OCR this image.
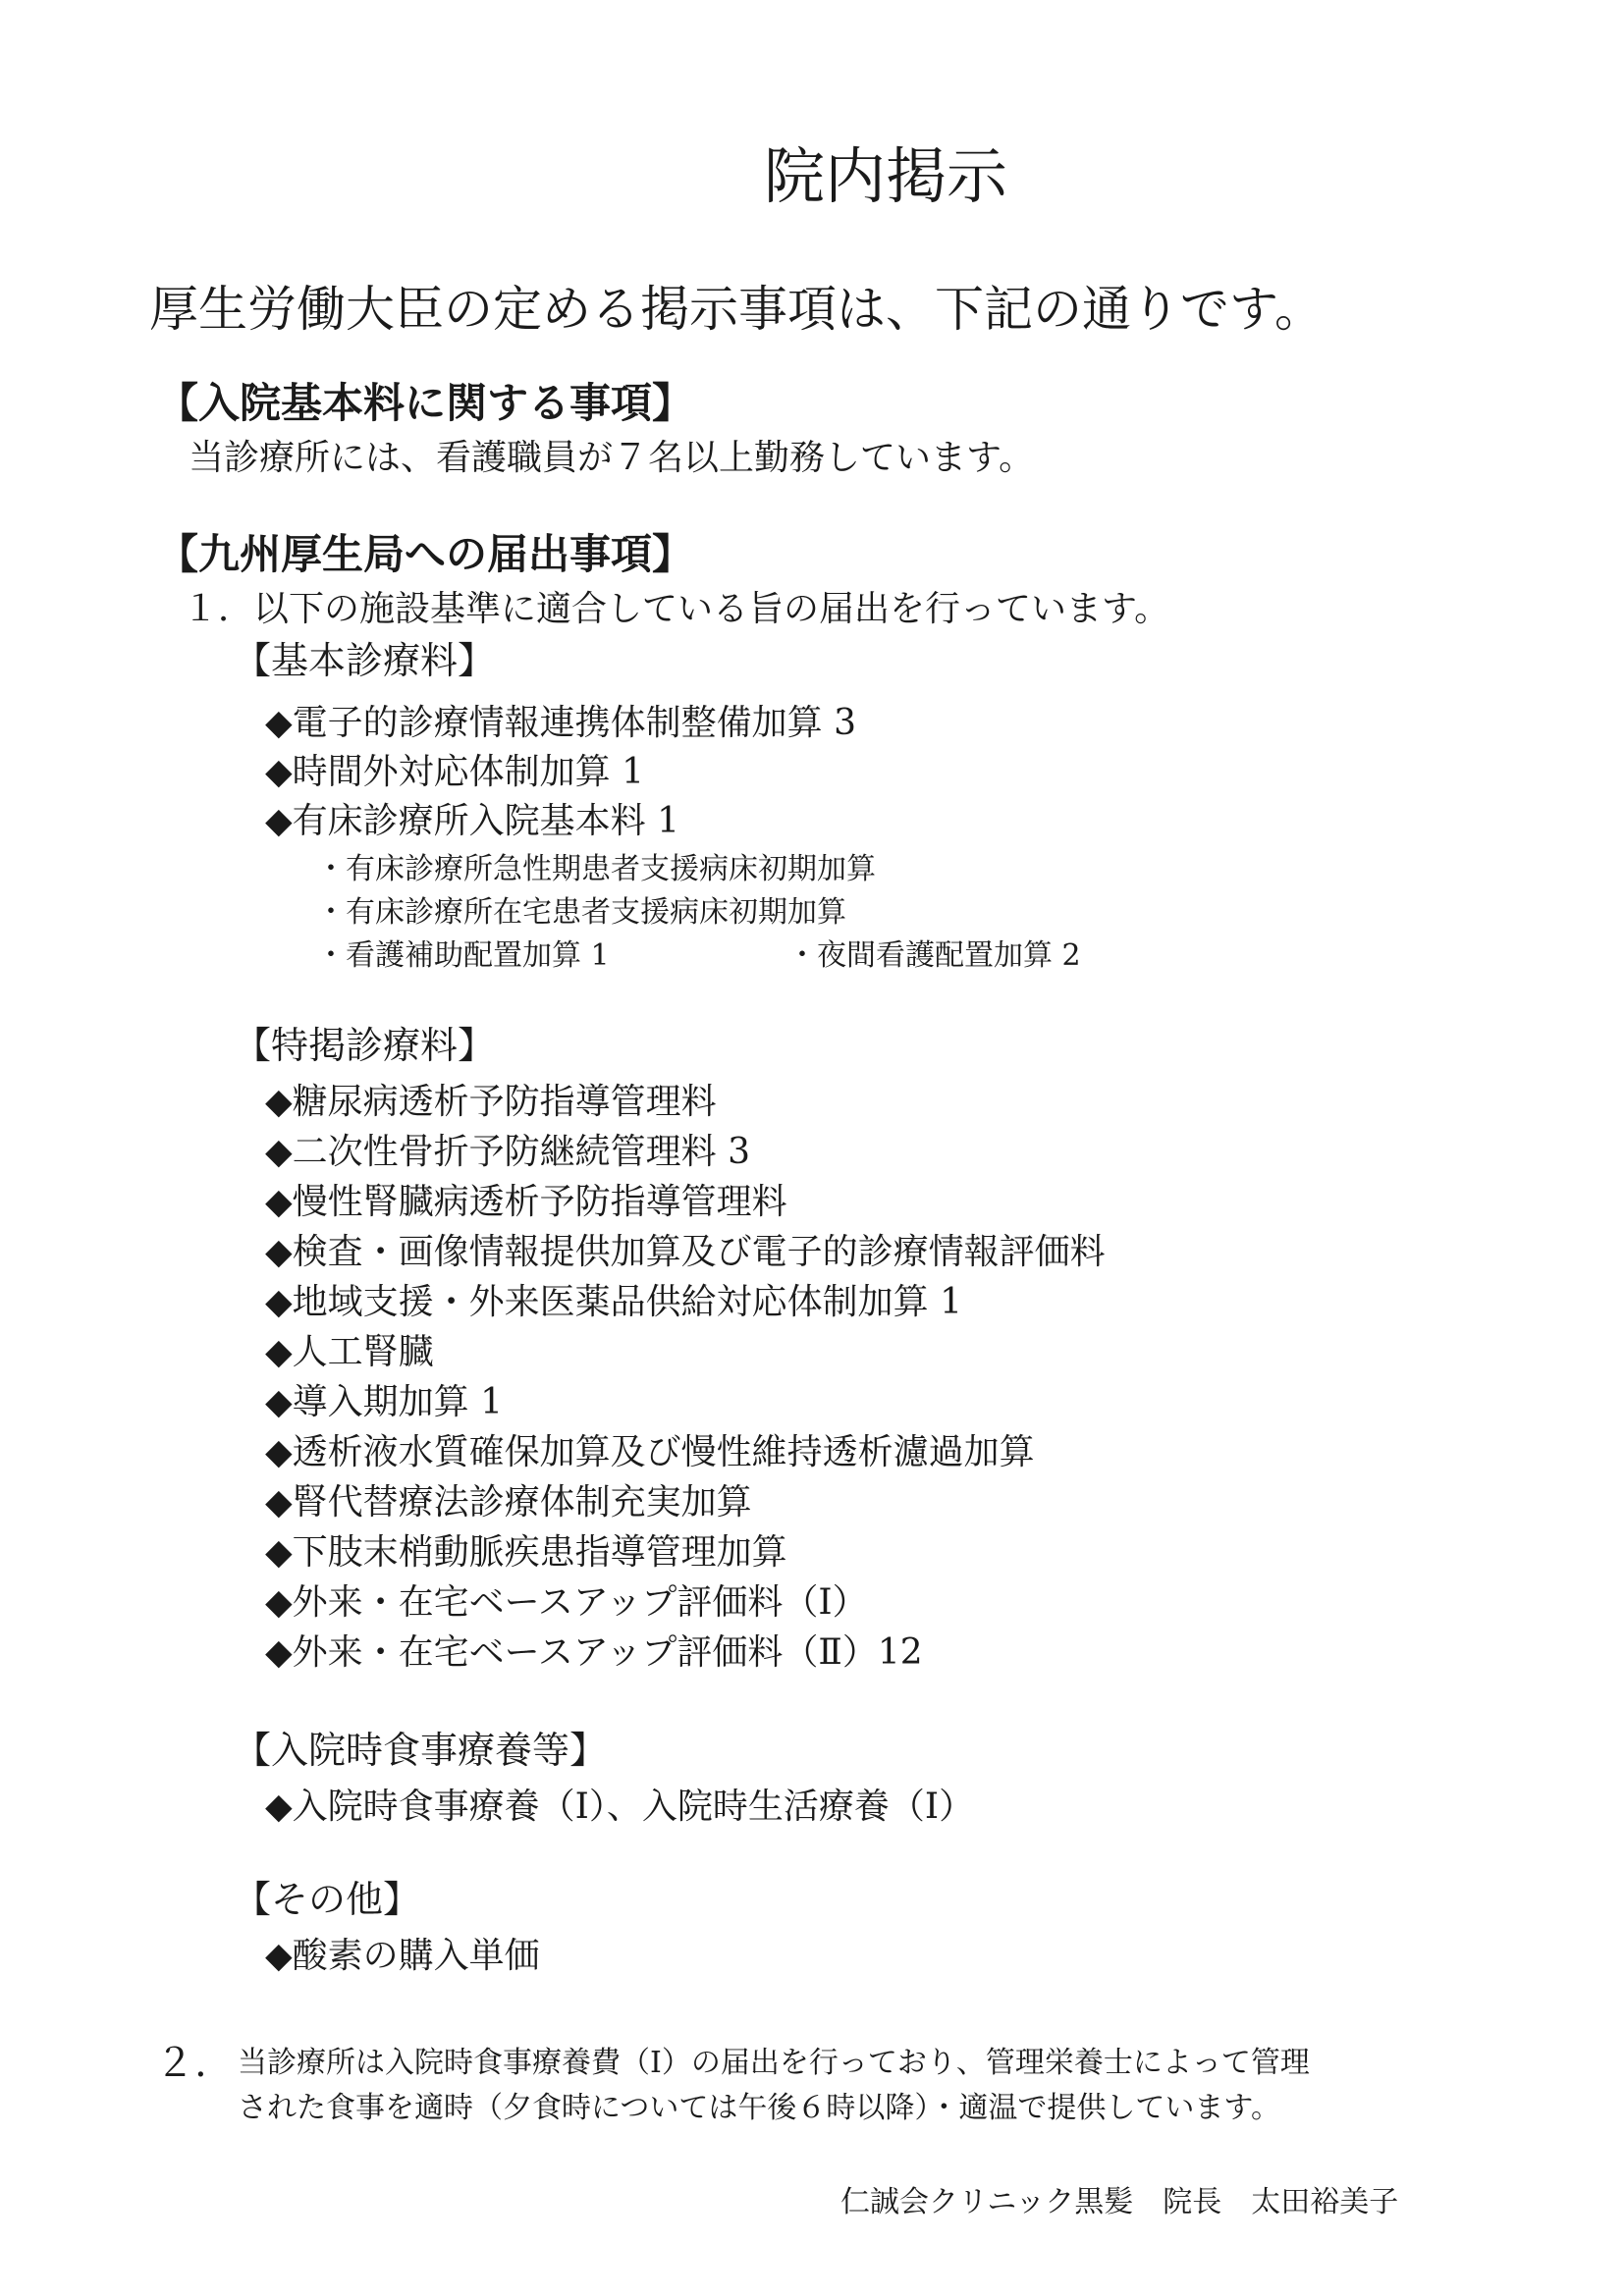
院内掲示
厚生労働大臣の定める掲示事項は、下記の通りです。
【入院基本料に関する事項】
当診療所には、看護職員が７名以上勤務しています。
【九州厚生局への届出事項】
１．以下の施設基準に適合している旨の届出を行っています。
【基本診療料】
◆電子的診療情報連携体制整備加算 3
◆時間外対応体制加算 1
◆有床診療所入院基本料 1
・有床診療所急性期患者支援病床初期加算
・有床診療所在宅患者支援病床初期加算
・看護補助配置加算 1	・夜間看護配置加算 2
【特掲診療料】
◆糖尿病透析予防指導管理料
◆二次性骨折予防継続管理料 3
◆慢性腎臓病透析予防指導管理料
◆検査・画像情報提供加算及び電子的診療情報評価料
◆地域支援・外来医薬品供給対応体制加算 1
◆人工腎臓
◆導入期加算 1
◆透析液水質確保加算及び慢性維持透析濾過加算
◆腎代替療法診療体制充実加算
◆下肢末梢動脈疾患指導管理加算
◆外来・在宅ベースアップ評価料（Ⅰ）
◆外来・在宅ベースアップ評価料（Ⅱ）12
【入院時食事療養等】
◆入院時食事療養（Ⅰ）、入院時生活療養（Ⅰ）
【その他】
◆酸素の購入単価
２. 当診療所は入院時食事療養費（Ⅰ）の届出を行っており、管理栄養士によって管理
された食事を適時（夕食時については午後６時以降）・適温で提供しています。
仁誠会クリニック黒髪　院長　太田裕美子
